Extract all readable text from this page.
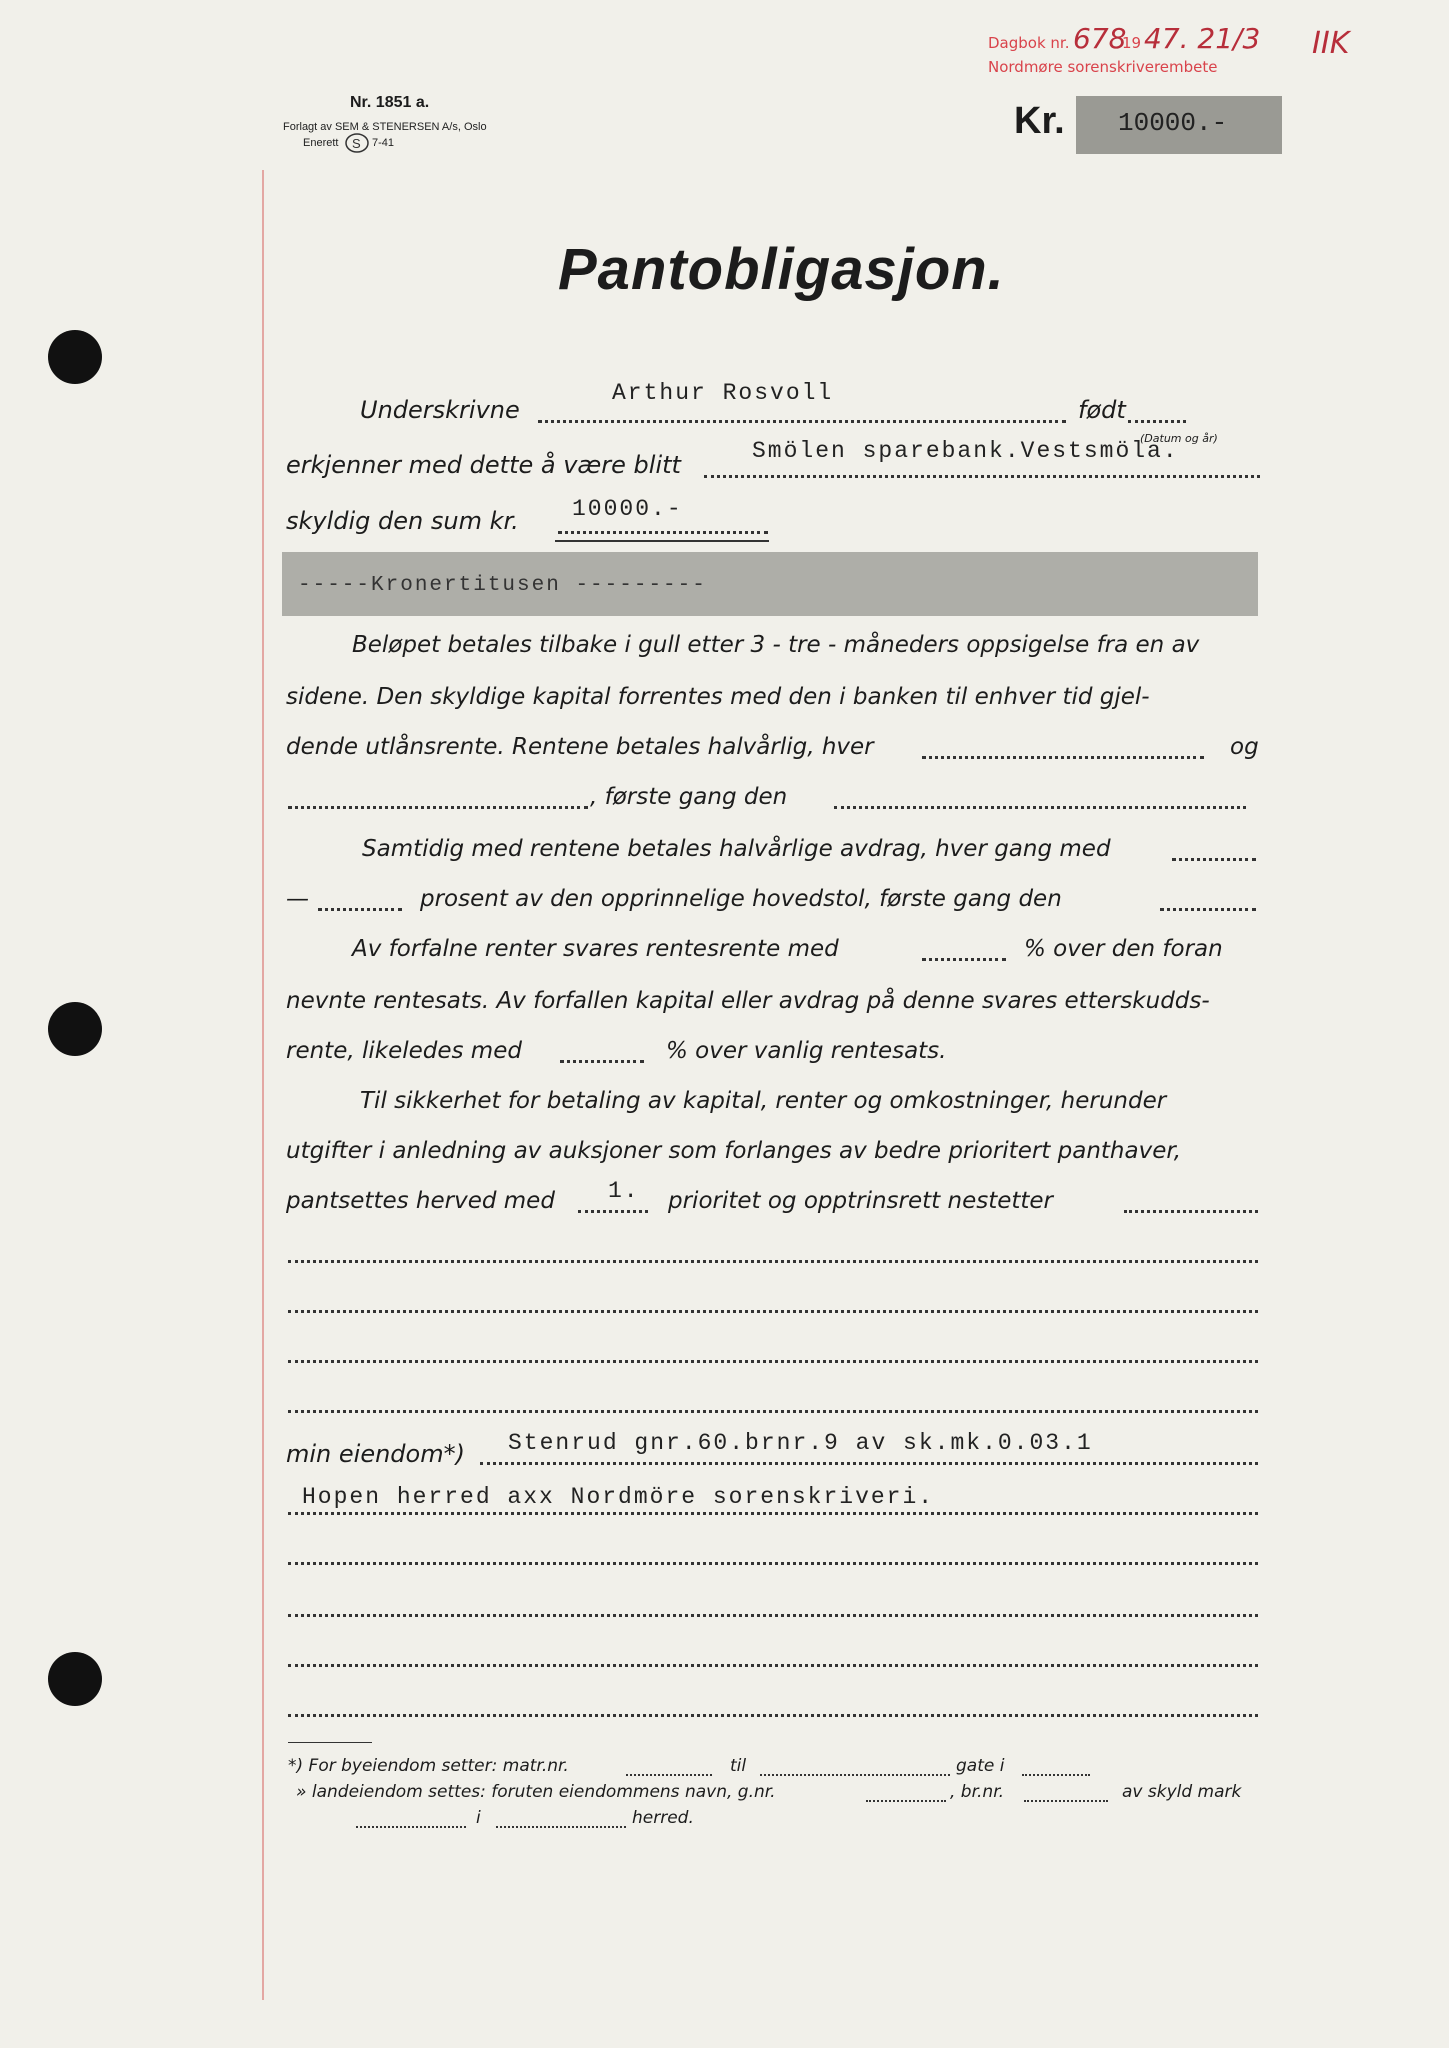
Dagbok nr. 678
19 47. 21/3 IIK
Nordmøre sorenskriverembete
Nr. 1851 a.
Forlagt av SEM & STENERSEN A/s, Oslo
Enerett S 7-41
Kr. 10000.-
Pantobligasjon.
Underskrivne
Arthur Rosvoll
født
(Datum og år)
erkjenner med dette å være blitt	Smölen sparebank.Vestsmöla.
skyldig den sum kr. 10000.-
-----Kronertitusen ---------
Beløpet betales tilbake i gull etter 3 - tre - måneders oppsigelse fra en av
sidene. Den skyldige kapital forrentes med den i banken til enhver tid gjel-
dende utlånsrente. Rentene betales halvårlig, hver	og
, første gang den
Samtidig med rentene betales halvårlige avdrag, hver gang med
—	prosent av den opprinnelige hovedstol, første gang den
Av forfalne renter svares rentesrente med	% over den foran
nevnte rentesats. Av forfallen kapital eller avdrag på denne svares etterskudds-
rente, likeledes med	% over vanlig rentesats.
Til sikkerhet for betaling av kapital, renter og omkostninger, herunder
utgifter i anledning av auksjoner som forlanges av bedre prioritert panthaver,
pantsettes herved med 1. prioritet og opptrinsrett nestetter
min eiendom*) Stenrud gnr.60.brnr.9 av sk.mk.0.03.1
Hopen herred axx Nordmöre sorenskriveri.
*) For byeiendom setter: matr.nr.	til	gate i
» landeiendom settes: foruten eiendommens navn, g.nr.	, br.nr.	av skyld mark
i	herred.
